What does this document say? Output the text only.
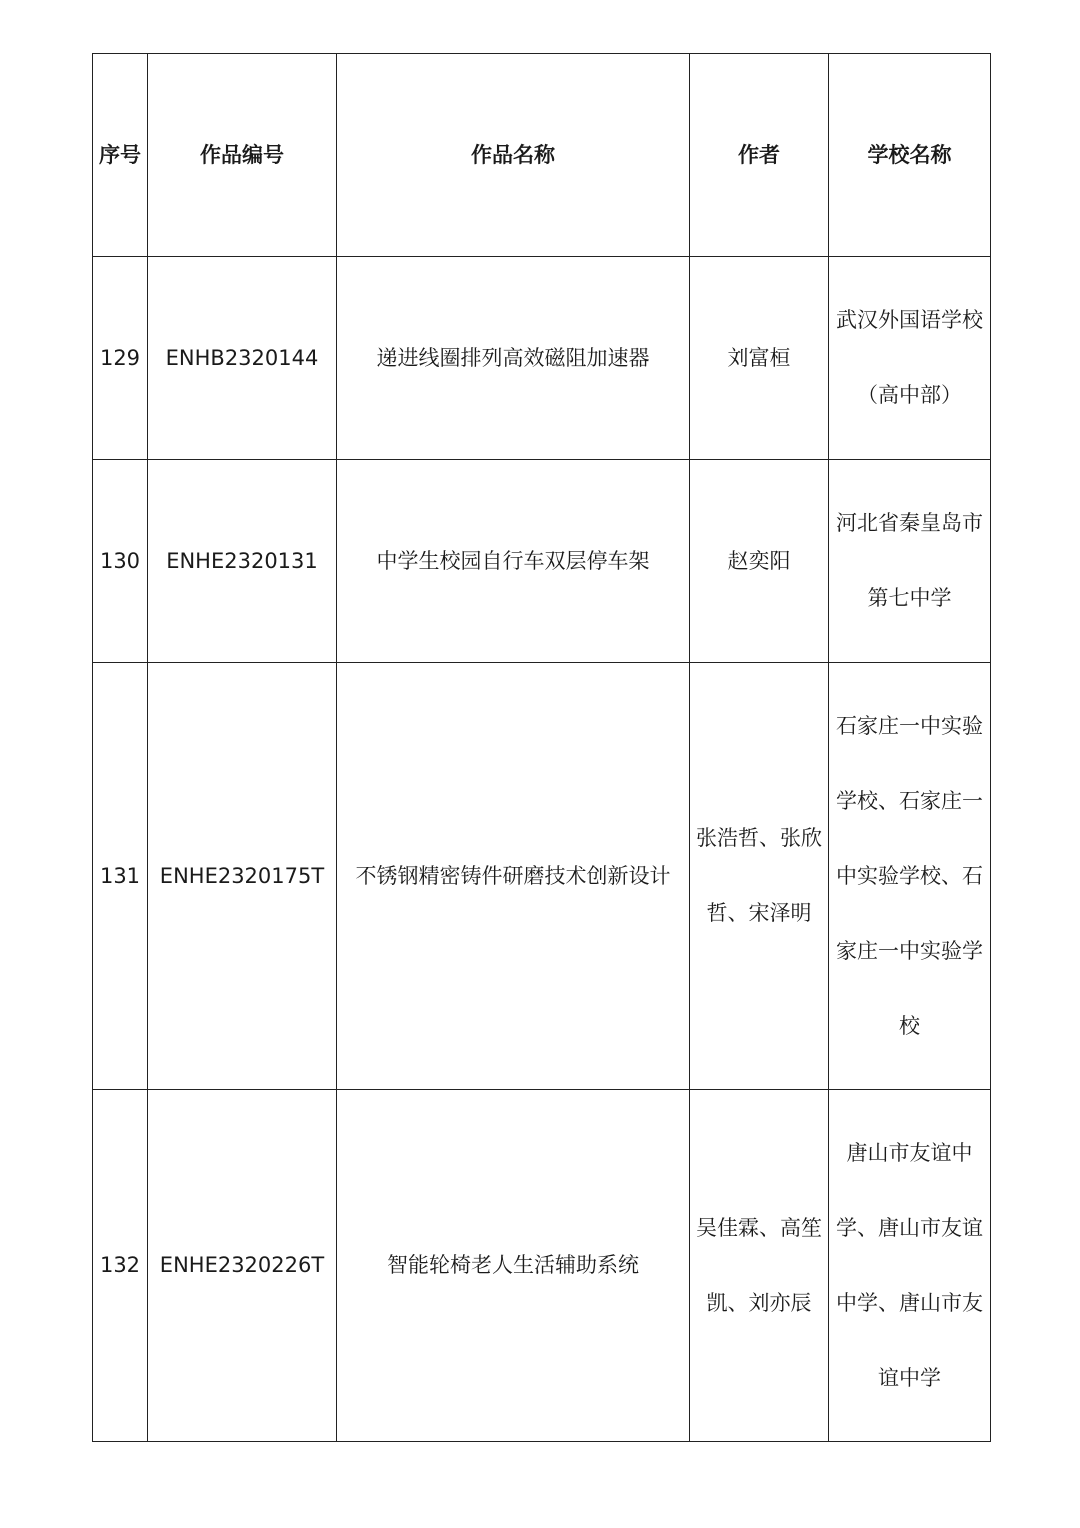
序号	作品编号	作品名称	作者	学校名称
129	ENHB2320144	递进线圈排列高效磁阻加速器	刘富桓	武汉外国语学校（高中部）
130	ENHE2320131	中学生校园自行车双层停车架	赵奕阳	河北省秦皇岛市第七中学
131	ENHE2320175T	不锈钢精密铸件研磨技术创新设计	张浩哲、张欣哲、宋泽明	石家庄一中实验学校、石家庄一中实验学校、石家庄一中实验学校
132	ENHE2320226T	智能轮椅老人生活辅助系统	吴佳霖、高笙凯、刘亦辰	唐山市友谊中学、唐山市友谊中学、唐山市友谊中学
